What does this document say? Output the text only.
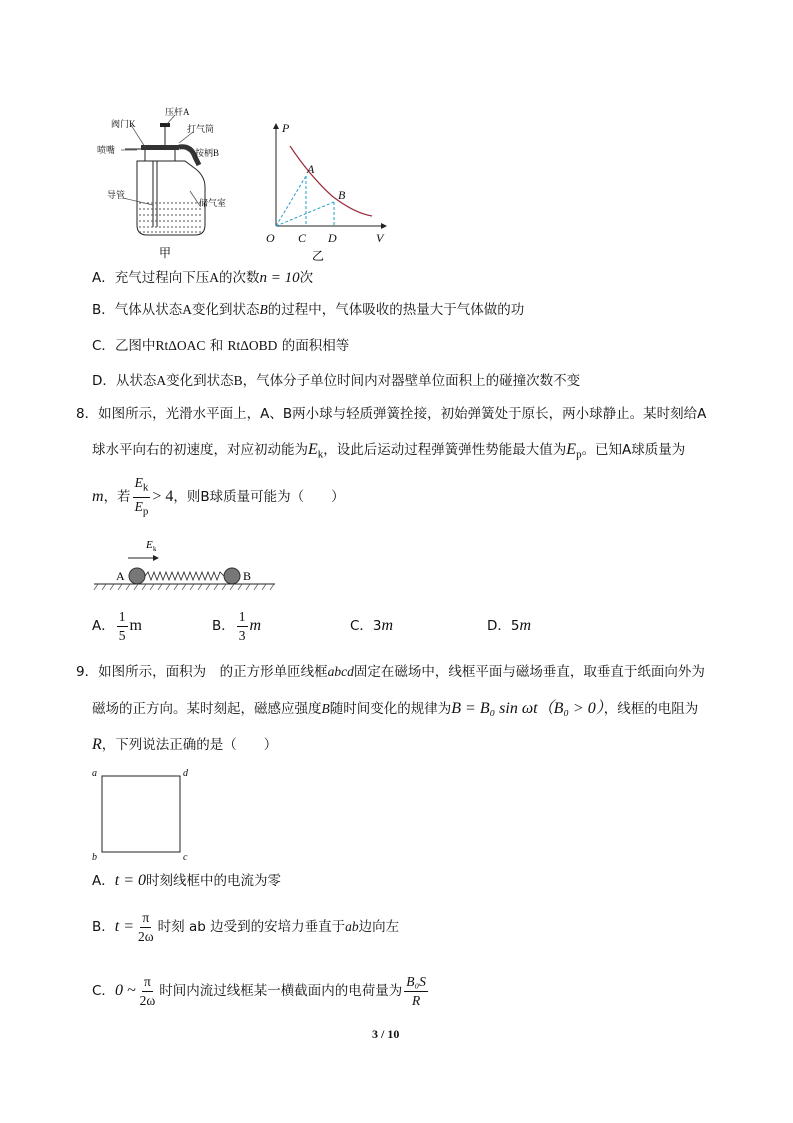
阀门K
压杆A
打气筒
喷嘴	按柄B
导管
储气室
甲
P
V
O
A
B
C D
乙
A．充气过程向下压A的次数n = 10次
B．气体从状态A变化到状态B的过程中，气体吸收的热量大于气体做的功
C．乙图中RtΔOAC 和 RtΔOBD 的面积相等
D．从状态A变化到状态B，气体分子单位时间内对器壁单位面积上的碰撞次数不变
8．如图所示，光滑水平面上，A、B两小球与轻质弹簧拴接，初始弹簧处于原长，两小球静止。某时刻给A
球水平向右的初速度，对应初动能为$E_k$，设此后运动过程弹簧弹性势能最大值为$E_p$。已知A球质量为
m，若 $\frac{E_k}{E_p} > 4$，则B球质量可能为（　　）
E k
A	B
A． $\frac{1}{5}$ m	B． $\frac{1}{3}$ m	C．3m	D．5m
9．如图所示，面积为　的正方形单匝线框abcd固定在磁场中，线框平面与磁场垂直，取垂直于纸面向外为
磁场的正方向。某时刻起，磁感应强度B随时间变化的规律为B = B₀ sin ωt（B₀ > 0），线框的电阻为
R，下列说法正确的是（　　）
a	d
b	c
A．t = 0时刻线框中的电流为零
B．$t = \frac{\pi}{2\omega}$ 时刻 ab 边受到的安培力垂直于ab边向左
C．0 ~ $\frac{\pi}{2\omega}$ 时间内流过线框某一横截面内的电荷量为 $\frac{\text{B₀S}}{R}$
3 / 10
